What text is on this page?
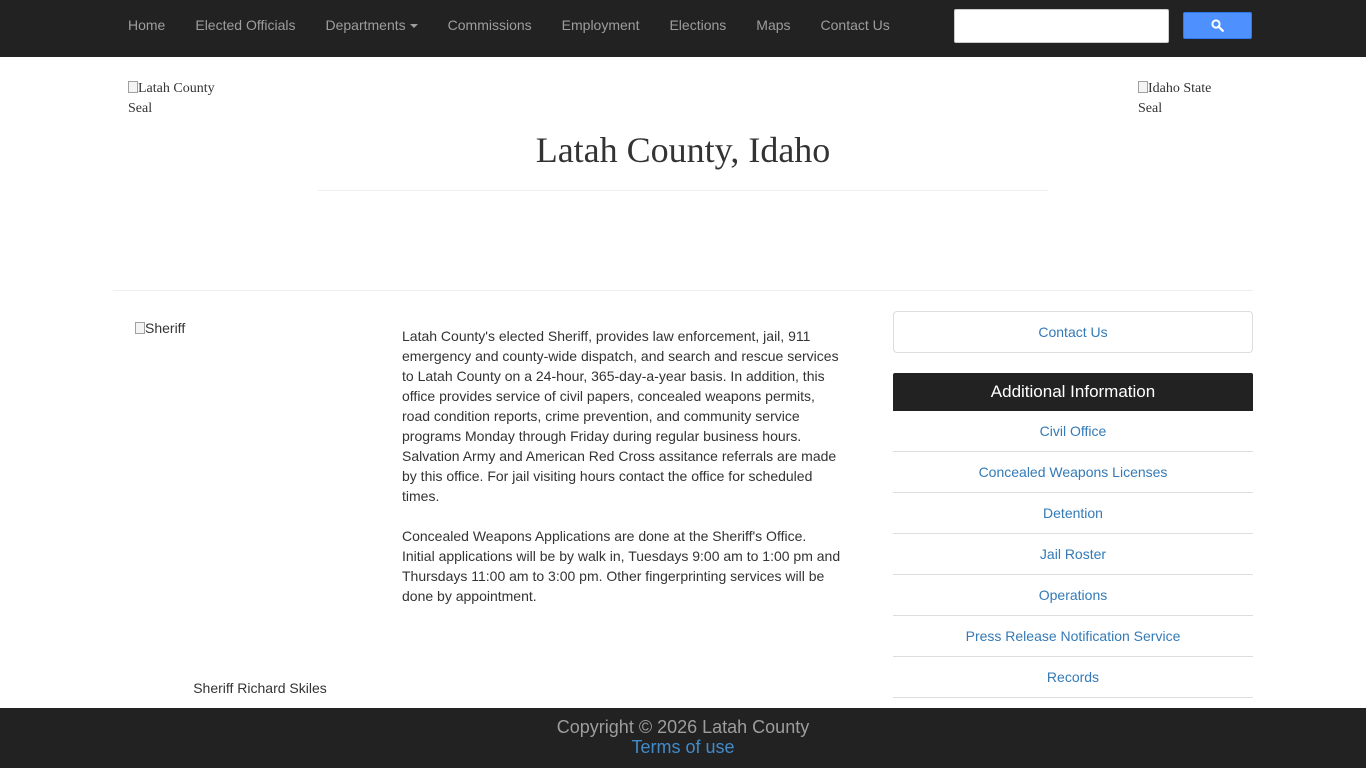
Home	Elected Officials	Departments	Commissions	Employment	Elections	Maps	Contact Us
Latah County Seal
Idaho State Seal
Latah County, Idaho
Sheriff
Sheriff Richard Skiles

Latah County's elected Sheriff, provides law enforcement, jail, 911 emergency and county-wide dispatch, and search and rescue services to Latah County on a 24-hour, 365-day-a-year basis. In addition, this office provides service of civil papers, concealed weapons permits, road condition reports, crime prevention, and community service programs Monday through Friday during regular business hours. Salvation Army and American Red Cross assitance referrals are made by this office. For jail visiting hours contact the office for scheduled times.

Concealed Weapons Applications are done at the Sheriff's Office. Initial applications will be by walk in, Tuesdays 9:00 am to 1:00 pm and Thursdays 11:00 am to 3:00 pm. Other fingerprinting services will be done by appointment.

Contact Us
Additional Information
Civil Office
Concealed Weapons Licenses
Detention
Jail Roster
Operations
Press Release Notification Service
Records
Copyright © 2026 Latah County
Terms of use
